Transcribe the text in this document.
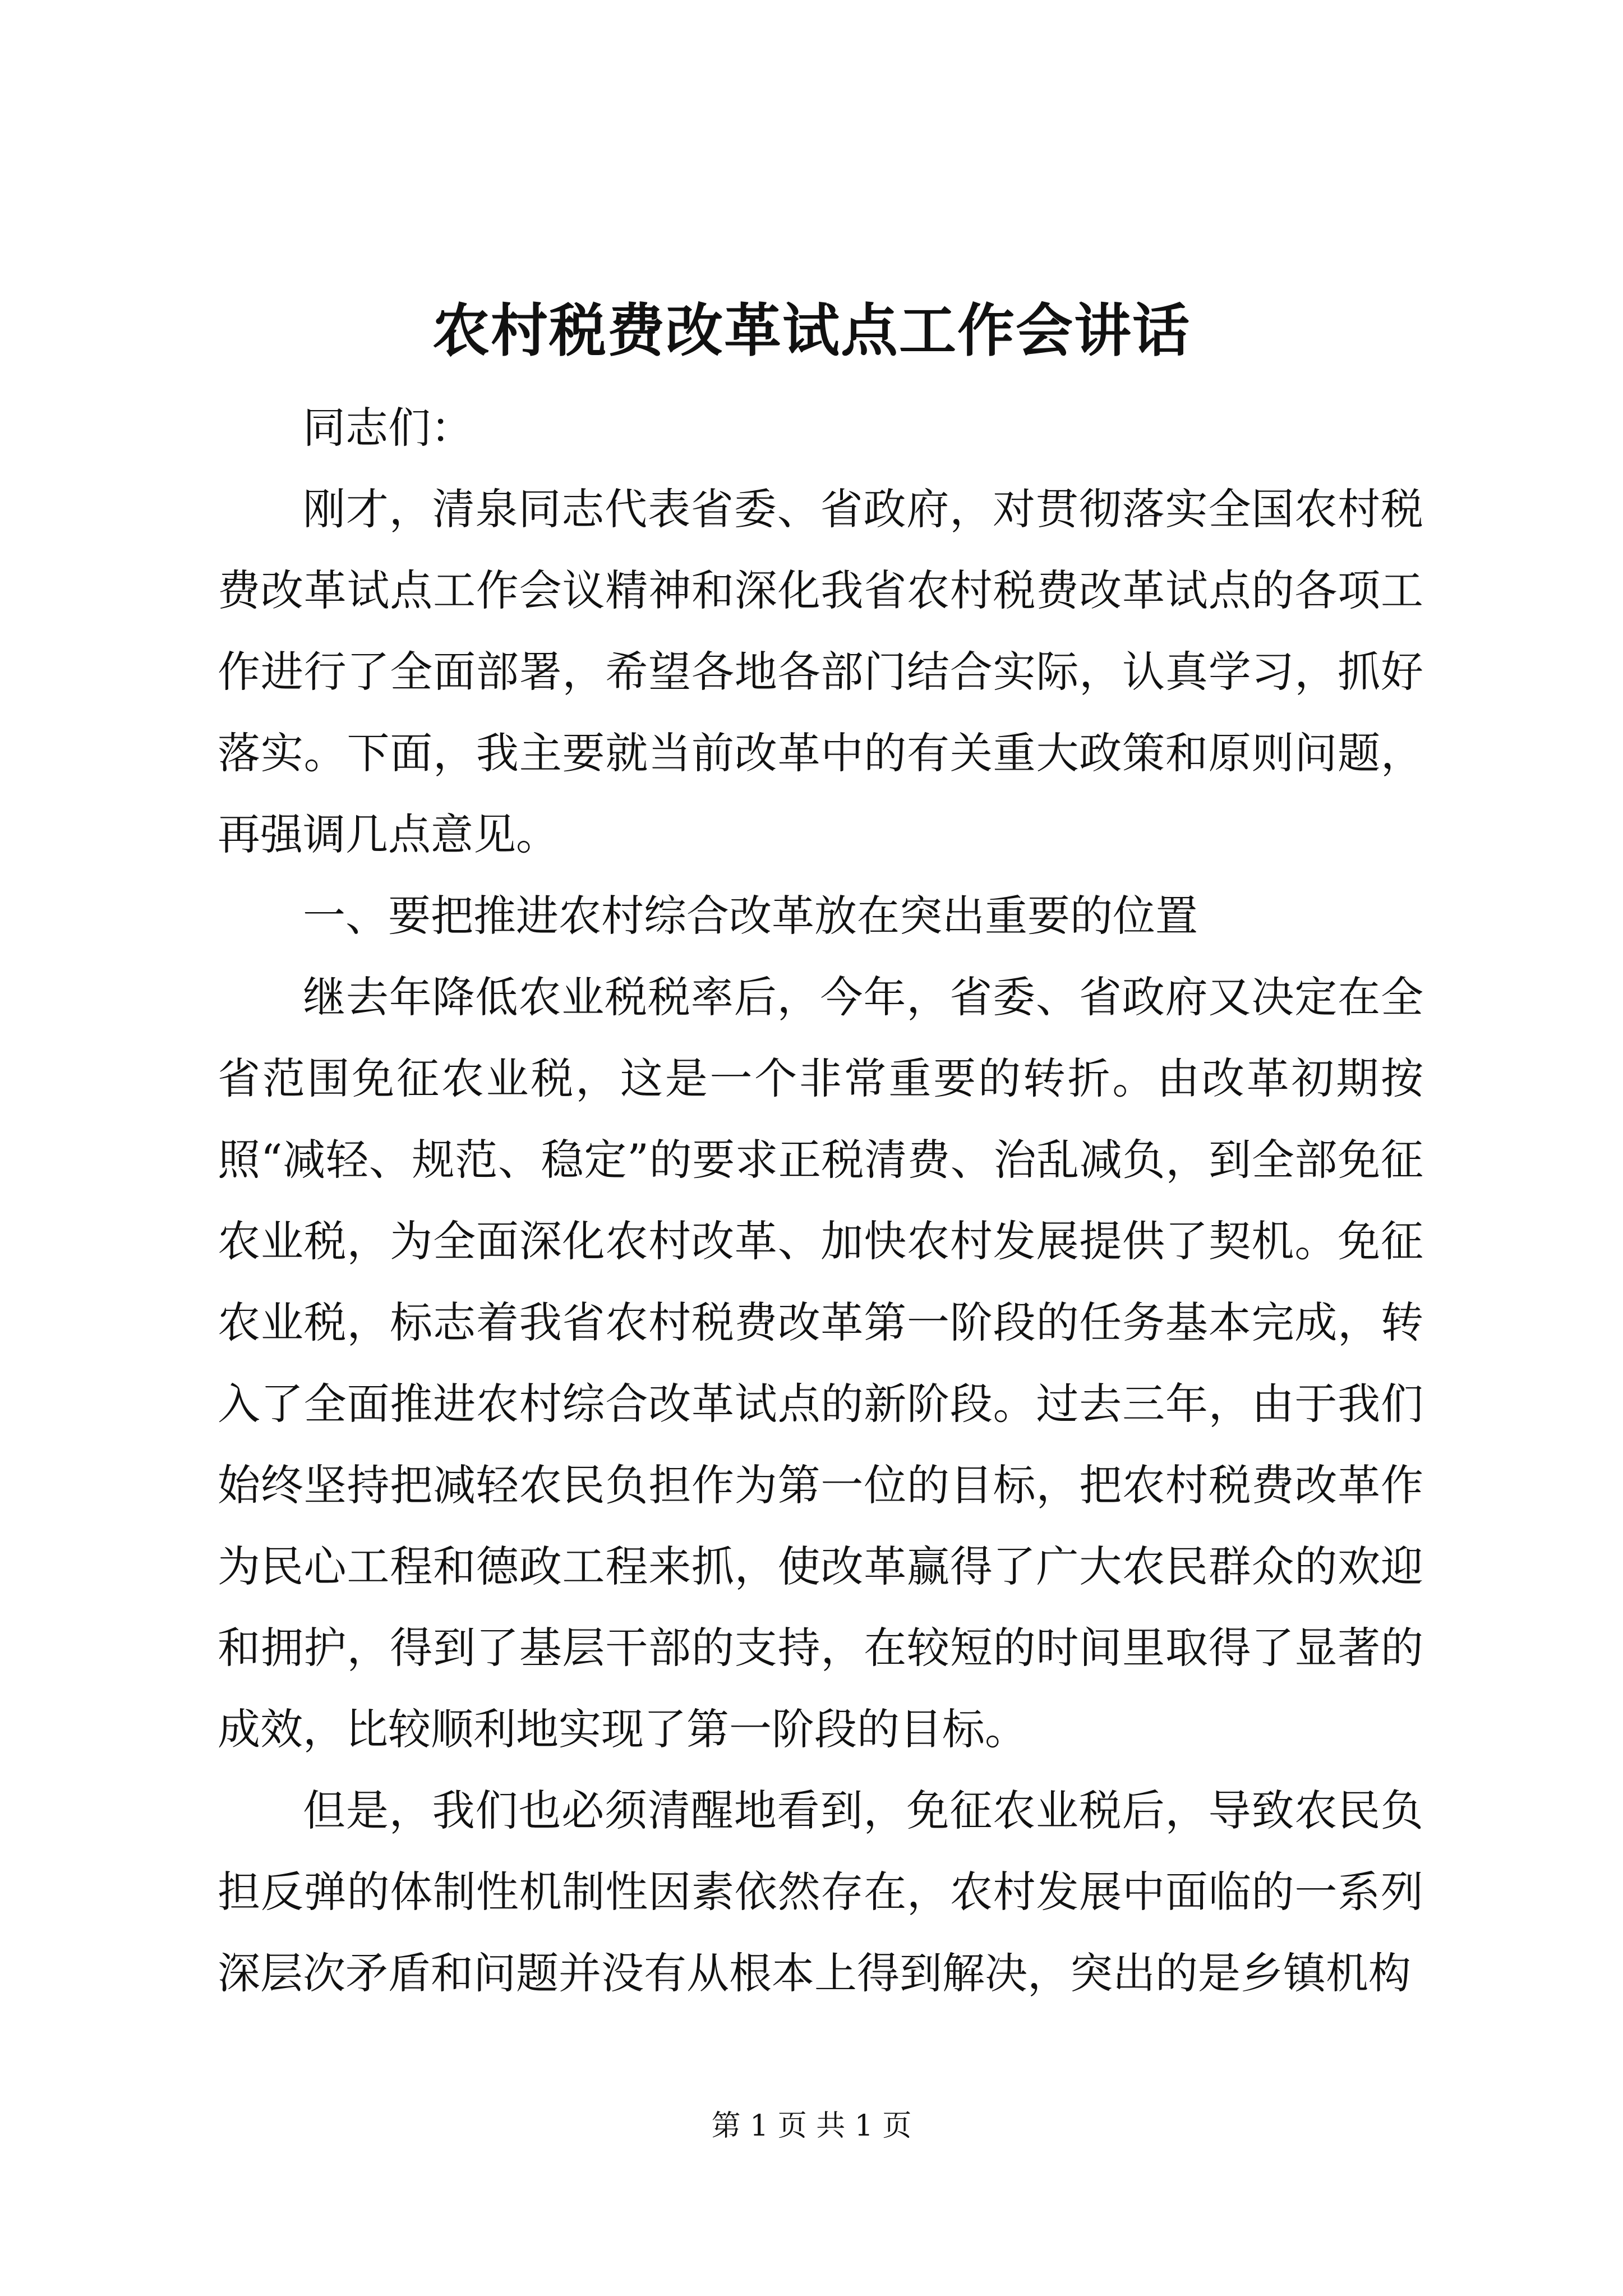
农村税费改革试点工作会讲话

同志们：

刚才，清泉同志代表省委、省政府，对贯彻落实全国农村税费改革试点工作会议精神和深化我省农村税费改革试点的各项工作进行了全面部署，希望各地各部门结合实际，认真学习，抓好落实。下面，我主要就当前改革中的有关重大政策和原则问题，再强调几点意见。

一、要把推进农村综合改革放在突出重要的位置

继去年降低农业税税率后，今年，省委、省政府又决定在全省范围免征农业税，这是一个非常重要的转折。由改革初期按照“减轻、规范、稳定”的要求正税清费、治乱减负，到全部免征农业税，为全面深化农村改革、加快农村发展提供了契机。免征农业税，标志着我省农村税费改革第一阶段的任务基本完成，转入了全面推进农村综合改革试点的新阶段。过去三年，由于我们始终坚持把减轻农民负担作为第一位的目标，把农村税费改革作为民心工程和德政工程来抓，使改革赢得了广大农民群众的欢迎和拥护，得到了基层干部的支持，在较短的时间里取得了显著的成效，比较顺利地实现了第一阶段的目标。

但是，我们也必须清醒地看到，免征农业税后，导致农民负担反弹的体制性机制性因素依然存在，农村发展中面临的一系列深层次矛盾和问题并没有从根本上得到解决，突出的是乡镇机构

第 1 页 共 1 页
